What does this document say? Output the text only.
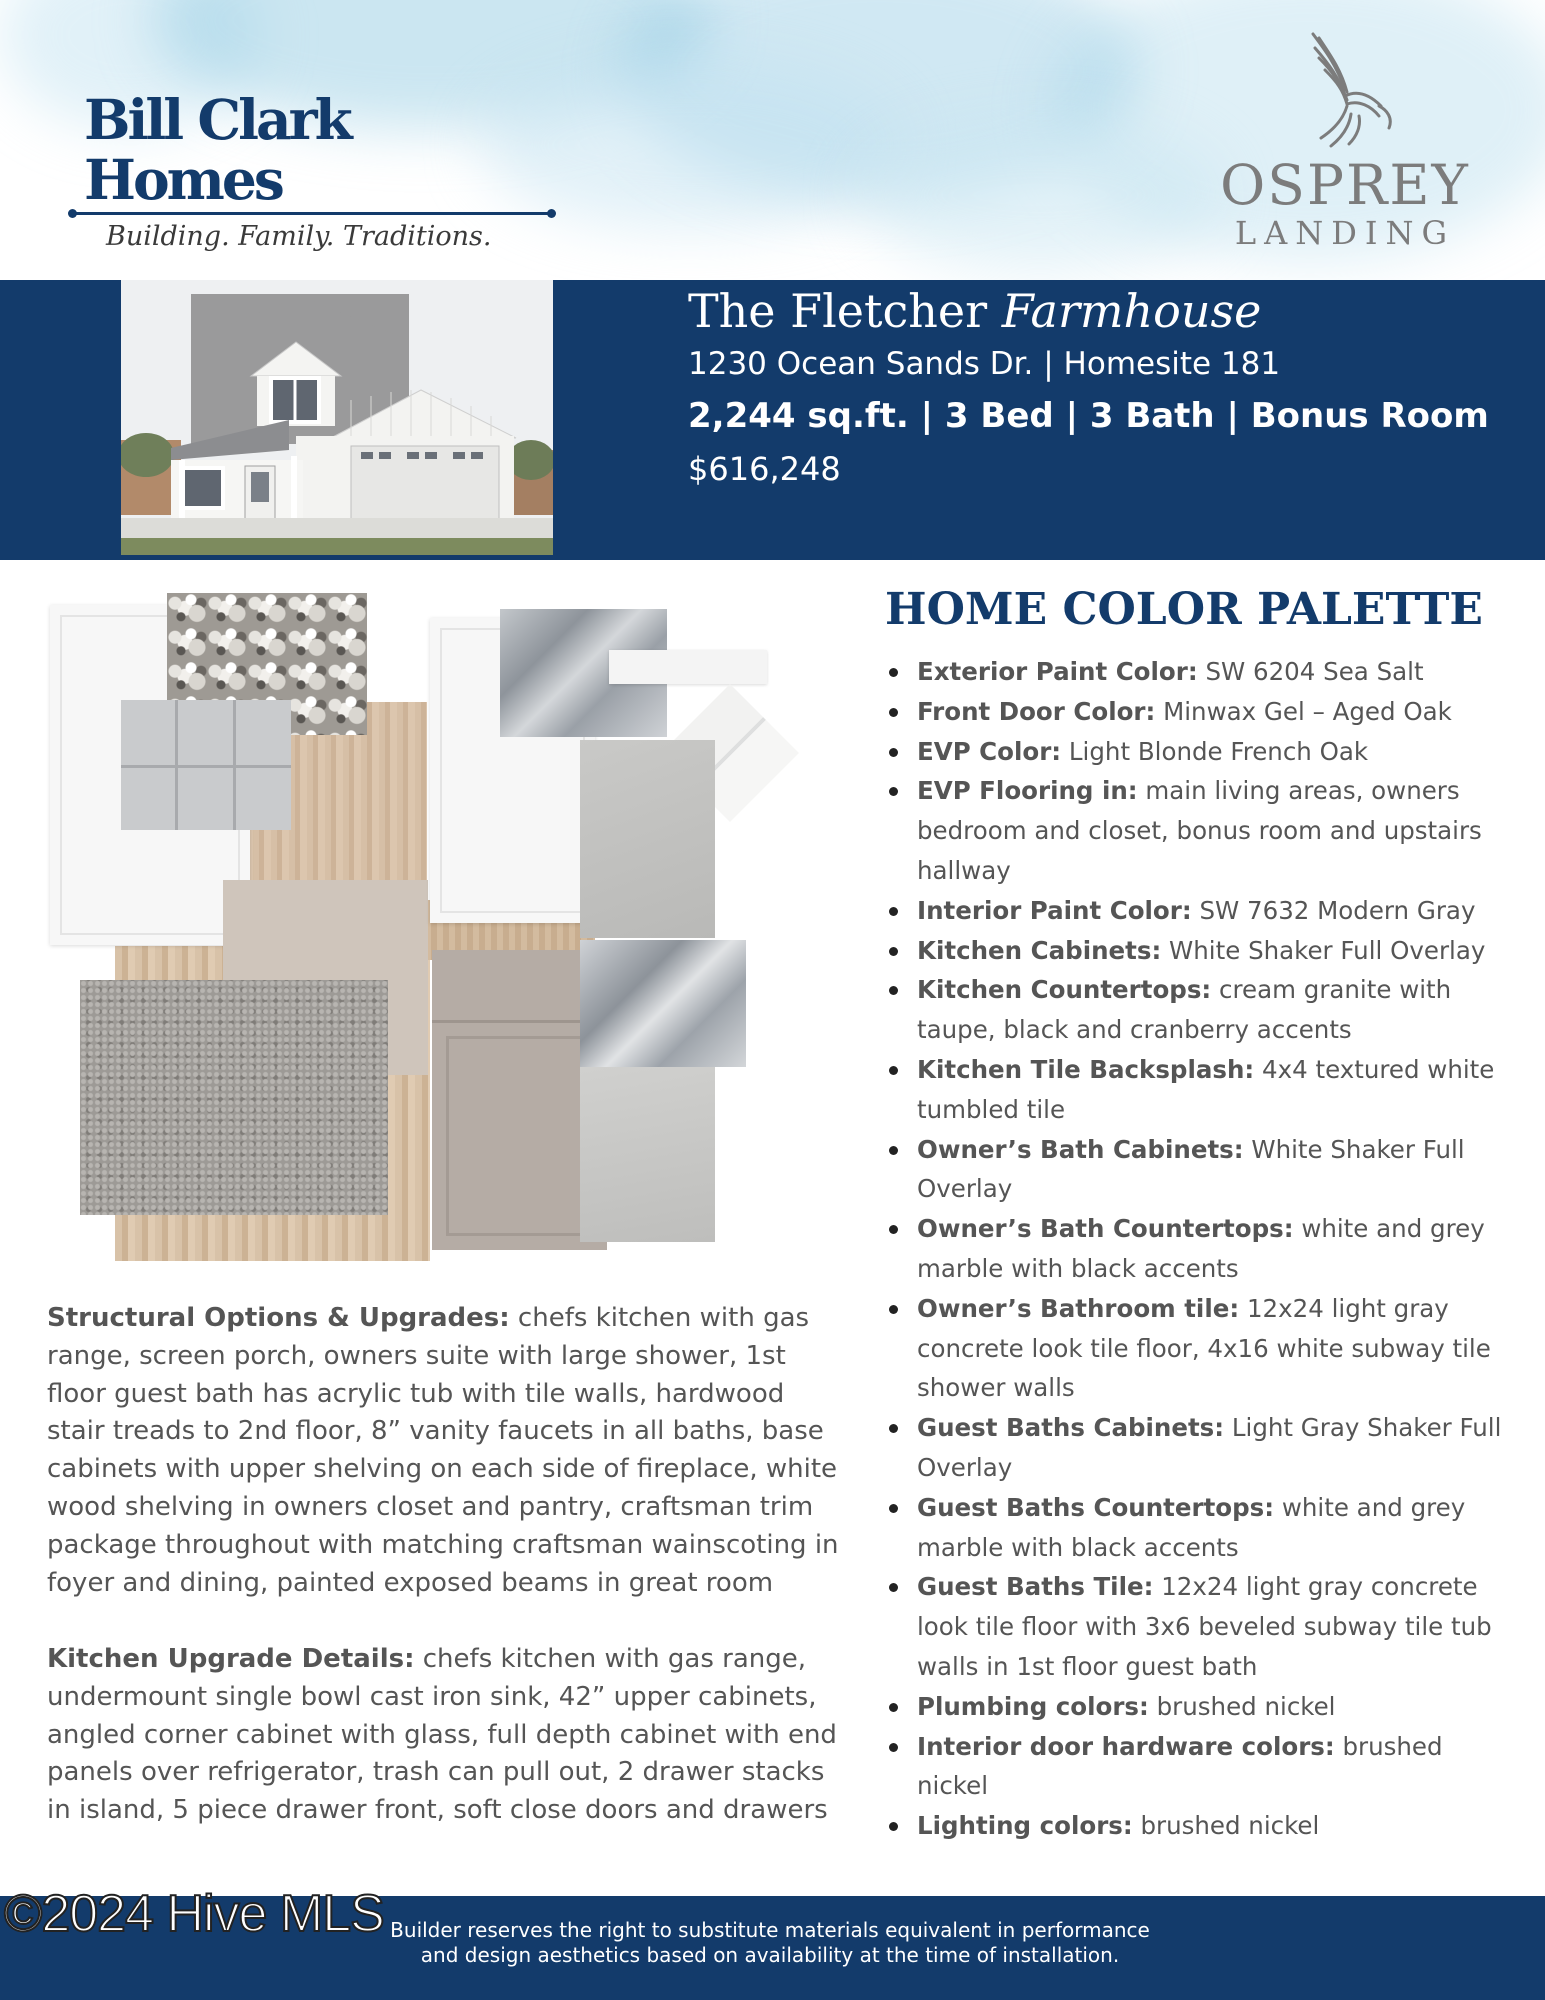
Bill Clark Homes
Building. Family. Traditions.
OSPREY
LANDING
The Fletcher Farmhouse
1230 Ocean Sands Dr. | Homesite 181
2,244 sq.ft. | 3 Bed | 3 Bath | Bonus Room
$616,248
HOME COLOR PALETTE
Exterior Paint Color: SW 6204 Sea Salt
Front Door Color: Minwax Gel – Aged Oak
EVP Color: Light Blonde French Oak
EVP Flooring in: main living areas, owners bedroom and closet, bonus room and upstairs hallway
Interior Paint Color: SW 7632 Modern Gray
Kitchen Cabinets: White Shaker Full Overlay
Kitchen Countertops: cream granite with taupe, black and cranberry accents
Kitchen Tile Backsplash: 4x4 textured white tumbled tile
Owner’s Bath Cabinets: White Shaker Full Overlay
Owner’s Bath Countertops: white and grey marble with black accents
Owner’s Bathroom tile: 12x24 light gray concrete look tile floor, 4x16 white subway tile shower walls
Guest Baths Cabinets: Light Gray Shaker Full Overlay
Guest Baths Countertops: white and grey marble with black accents
Guest Baths Tile: 12x24 light gray concrete look tile floor with 3x6 beveled subway tile tub walls in 1st floor guest bath
Plumbing colors: brushed nickel
Interior door hardware colors: brushed nickel
Lighting colors: brushed nickel
Structural Options & Upgrades: chefs kitchen with gas range, screen porch, owners suite with large shower, 1st floor guest bath has acrylic tub with tile walls, hardwood stair treads to 2nd floor, 8” vanity faucets in all baths, base cabinets with upper shelving on each side of fireplace, white wood shelving in owners closet and pantry, craftsman trim package throughout with matching craftsman wainscoting in foyer and dining, painted exposed beams in great room
Kitchen Upgrade Details: chefs kitchen with gas range, undermount single bowl cast iron sink, 42” upper cabinets, angled corner cabinet with glass, full depth cabinet with end panels over refrigerator, trash can pull out, 2 drawer stacks in island, 5 piece drawer front, soft close doors and drawers
Builder reserves the right to substitute materials equivalent in performance
and design aesthetics based on availability at the time of installation.
©2024 Hive MLS
